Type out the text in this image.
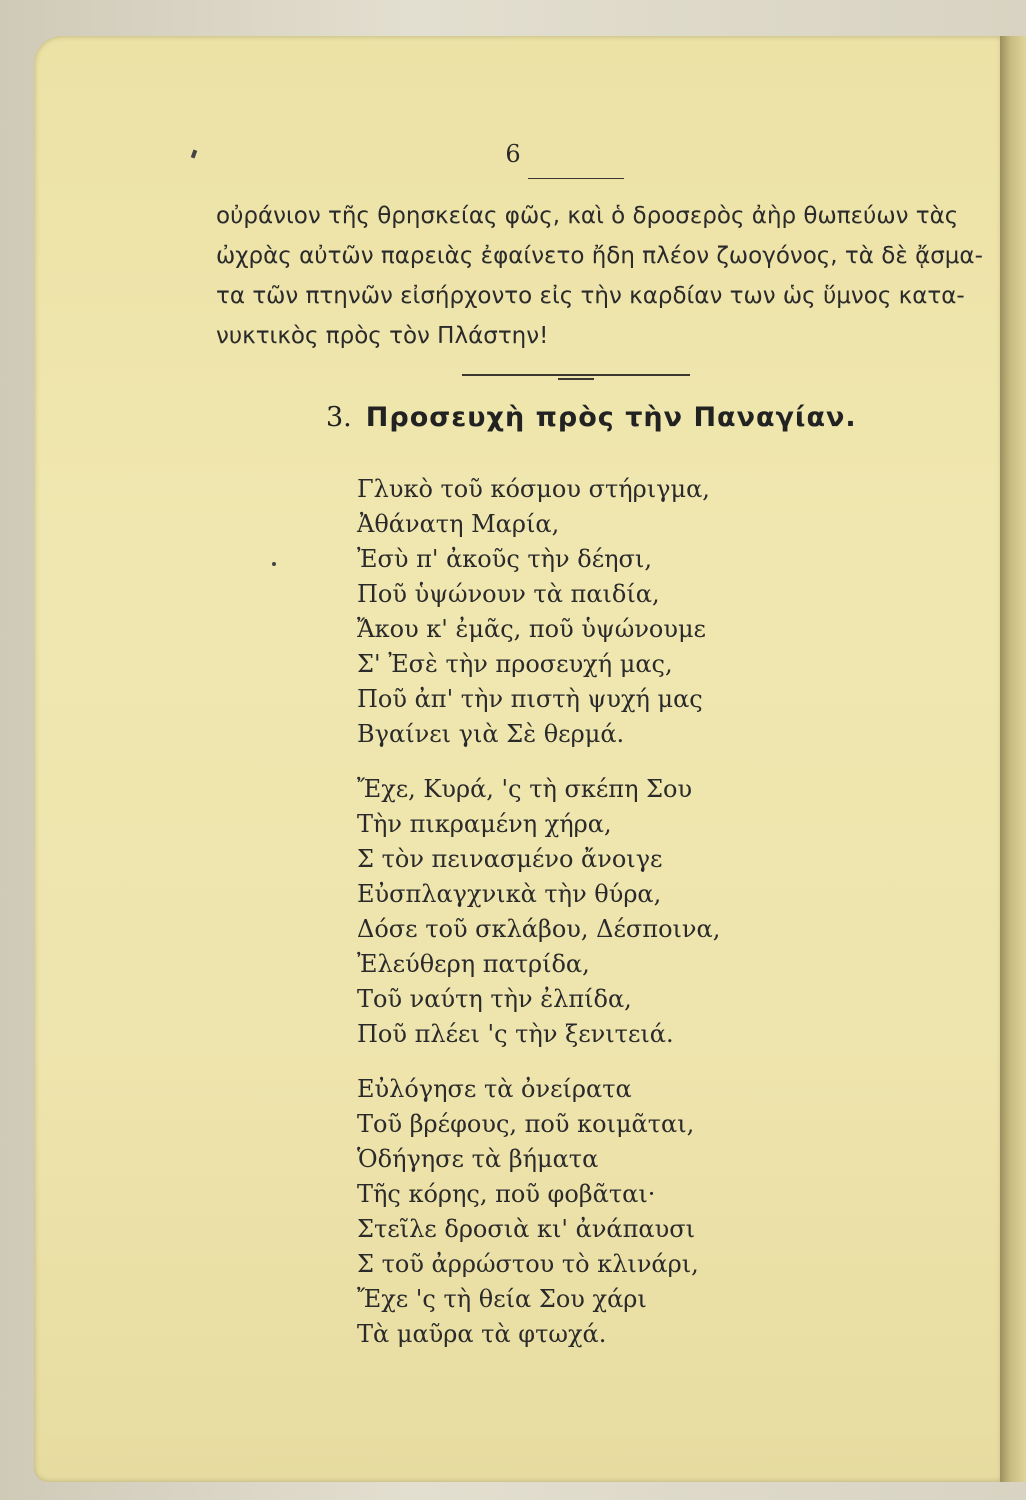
6
οὐράνιον τῆς θρησκείας φῶς, καὶ ὁ δροσερὸς ἀὴρ θωπεύων τὰς
ὠχρὰς αὐτῶν παρειὰς ἐφαίνετο ἤδη πλέον ζωογόνος, τὰ δὲ ᾄσμα-
τα τῶν πτηνῶν εἰσήρχοντο εἰς τὴν καρδίαν των ὡς ὕμνος κατα-
νυκτικὸς πρὸς τὸν Πλάστην!
3. Προσευχὴ πρὸς τὴν Παναγίαν.
Γλυκὸ τοῦ κόσμου στήριγμα,
Ἀθάνατη Μαρία,
Ἐσὺ π' ἀκοῦς τὴν δέησι,
Ποῦ ὑψώνουν τὰ παιδία,
Ἄκου κ' ἐμᾶς, ποῦ ὑψώνουμε
Σ' Ἐσὲ τὴν προσευχή μας,
Ποῦ ἀπ' τὴν πιστὴ ψυχή μας
Βγαίνει γιὰ Σὲ θερμά.
Ἔχε, Κυρά, 'ς τὴ σκέπη Σου
Τὴν πικραμένη χήρα,
Σ τὸν πεινασμένο ἄνοιγε
Εὐσπλαγχνικὰ τὴν θύρα,
Δόσε τοῦ σκλάβου, Δέσποινα,
Ἐλεύθερη πατρίδα,
Τοῦ ναύτη τὴν ἐλπίδα,
Ποῦ πλέει 'ς τὴν ξενιτειά.
Εὐλόγησε τὰ ὀνείρατα
Τοῦ βρέφους, ποῦ κοιμᾶται,
Ὁδήγησε τὰ βήματα
Τῆς κόρης, ποῦ φοβᾶται·
Στεῖλε δροσιὰ κι' ἀνάπαυσι
Σ τοῦ ἀρρώστου τὸ κλινάρι,
Ἔχε 'ς τὴ θεία Σου χάρι
Τὰ μαῦρα τὰ φτωχά.
